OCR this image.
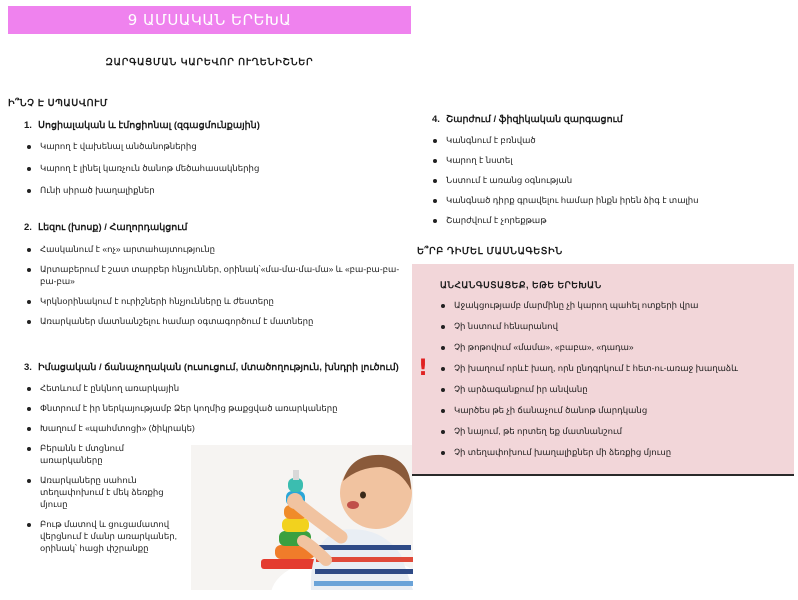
9 ԱՄՍԱԿԱՆ ԵՐԵԽԱ
ԶԱՐԳԱՑՄԱՆ ԿԱՐԵՎՈՐ ՈՒՂԵՆԻՇՆԵՐ
Ի՞ՆՉ Է ՍՊԱՍՎՈՒՄ
1. Սոցիալական և էմոցիոնալ (զգացմունքային)
Կարող է վախենալ անծանոթներից
Կարող է լինել կառչուն ծանոթ մեծահասակներից
Ունի սիրած խաղալիքներ
2. Լեզու (խոսք) / Հաղորդակցում
Հասկանում է «ոչ» արտահայտությունը
Արտաբերում է շատ տարբեր հնչյուններ, օրինակ՝«մա-մա-մա-մա» և «բա-բա-բա-բա-բա»
Կրկնօրինակում է ուրիշների հնչյունները և ժեստերը
Առարկաներ մատնանշելու համար օգտագործում է մատները
3. Իմացական / ճանաչողական (ուսուցում, մտածողություն, խնդրի լուծում)
Հետևում է ընկնող առարկային
Փնտրում է իր ներկայությամբ Ձեր կողմից թաքցված առարկաները
Խաղում է «պահմտոցի» (ծիկրակե)
Բերանն է մտցնում առարկաները
Առարկաները սահուն տեղափոխում է մեկ ձեռքից մյուսը
Բութ մատով և ցուցամատով վերցնում է մանր առարկաներ, օրինակ՝ հացի փշրանքը
4. Շարժում / ֆիզիկական զարգացում
Կանգնում է բռնված
Կարող է նստել
Նստում է առանց օգնության
Կանգնած դիրք գրավելու համար ինքն իրեն ձիգ է տալիս
Շարժվում է չորեքթաթ
Ե՞ՐԲ ԴԻՄԵԼ ՄԱՍՆԱԳԵՏԻՆ
ԱՆՀԱՆԳՍՏԱՑԵՔ, ԵԹԵ ԵՐԵԽԱՆ
!
Աջակցությամբ մարմինը չի կարող պահել ոտքերի վրա
Չի նստում հենարանով
Չի թոթովում «մամա», «բաբա», «դադա»
Չի խաղում որևէ խաղ, որն ընդգրկում է հետ-ու-առաջ խաղաձև
Չի արձագանքում իր անվանը
Կարծես թե չի ճանաչում ծանոթ մարդկանց
Չի նայում, թե որտեղ եք մատնանշում
Չի տեղափոխում խաղալիքներ մի ձեռքից մյուսը
